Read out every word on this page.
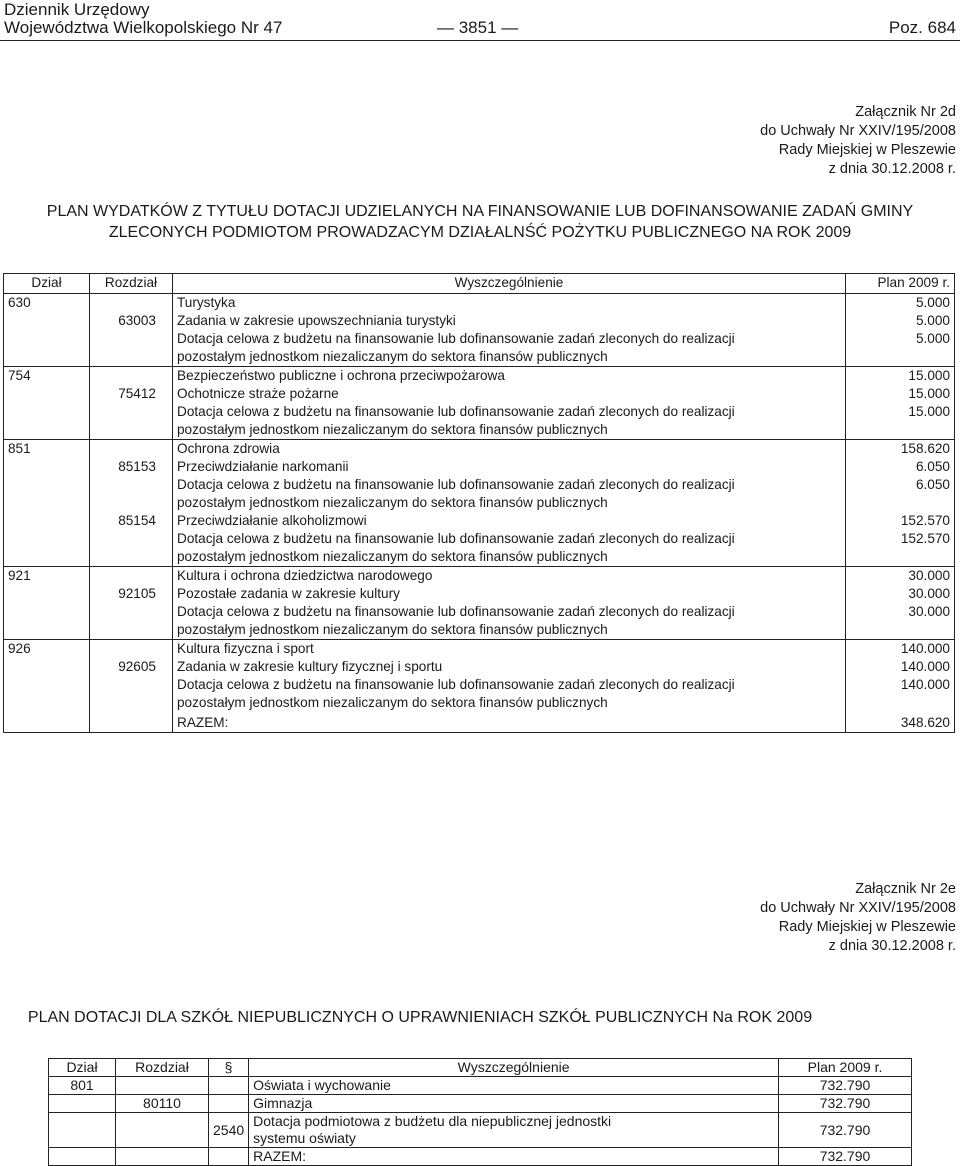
Dziennik Urzędowy
Województwa Wielkopolskiego Nr 47	— 3851 —	Poz. 684
Załącznik Nr 2d
do Uchwały Nr XXIV/195/2008
Rady Miejskiej w Pleszewie
z dnia 30.12.2008 r.
PLAN WYDATKÓW Z TYTUŁU DOTACJI UDZIELANYCH NA FINANSOWANIE LUB DOFINANSOWANIE ZADAŃ GMINY
ZLECONYCH PODMIOTOM PROWADZACYM DZIAŁALNŚĆ POŻYTKU PUBLICZNEGO NA ROK 2009
Dział	Rozdział	Wyszczególnienie	Plan 2009 r.
630		Turystyka	5.000
	63003	Zadania w zakresie upowszechniania turystyki	5.000

		Dotacja celowa z budżetu na finansowanie lub dofinansowanie zadań zleconych do realizacji
pozostałym jednostkom niezaliczanym do sektora finansów publicznych	5.000
754		Bezpieczeństwo publiczne i ochrona przeciwpożarowa	15.000
	75412	Ochotnicze straże pożarne	15.000

		Dotacja celowa z budżetu na finansowanie lub dofinansowanie zadań zleconych do realizacji
pozostałym jednostkom niezaliczanym do sektora finansów publicznych	15.000
851		Ochrona zdrowia	158.620
	85153	Przeciwdziałanie narkomanii	6.050

		Dotacja celowa z budżetu na finansowanie lub dofinansowanie zadań zleconych do realizacji
pozostałym jednostkom niezaliczanym do sektora finansów publicznych	6.050
	85154	Przeciwdziałanie alkoholizmowi	152.570

		Dotacja celowa z budżetu na finansowanie lub dofinansowanie zadań zleconych do realizacji
pozostałym jednostkom niezaliczanym do sektora finansów publicznych	152.570
921		Kultura i ochrona dziedzictwa narodowego	30.000
	92105	Pozostałe zadania w zakresie kultury	30.000

		Dotacja celowa z budżetu na finansowanie lub dofinansowanie zadań zleconych do realizacji
pozostałym jednostkom niezaliczanym do sektora finansów publicznych	30.000
926		Kultura fizyczna i sport	140.000
	92605	Zadania w zakresie kultury fizycznej i sportu	140.000

		Dotacja celowa z budżetu na finansowanie lub dofinansowanie zadań zleconych do realizacji
pozostałym jednostkom niezaliczanym do sektora finansów publicznych	140.000
		RAZEM:	348.620
Załącznik Nr 2e
do Uchwały Nr XXIV/195/2008
Rady Miejskiej w Pleszewie
z dnia 30.12.2008 r.
PLAN DOTACJI DLA SZKÓŁ NIEPUBLICZNYCH O UPRAWNIENIACH SZKÓŁ PUBLICZNYCH Na ROK 2009
Dział	Rozdział	§	Wyszczególnienie	Plan 2009 r.
801			Oświata i wychowanie	732.790
	80110		Gimnazja	732.790
		2540	Dotacja podmiotowa z budżetu dla niepublicznej jednostki
systemu oświaty	732.790
			RAZEM:	732.790
